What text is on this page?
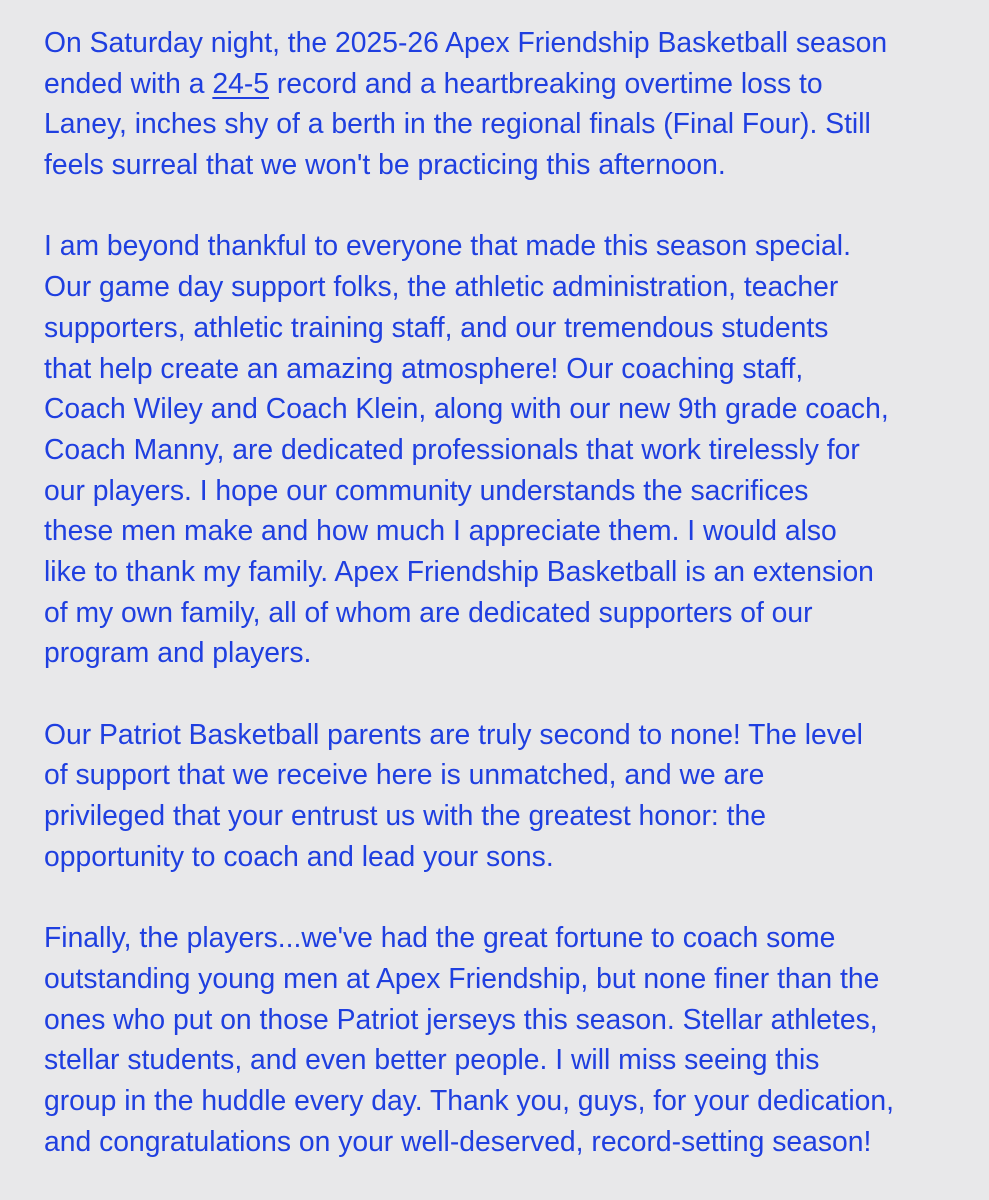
On Saturday night, the 2025-26 Apex Friendship Basketball season
ended with a 24-5 record and a heartbreaking overtime loss to
Laney, inches shy of a berth in the regional finals (Final Four). Still
feels surreal that we won't be practicing this afternoon.
I am beyond thankful to everyone that made this season special.
Our game day support folks, the athletic administration, teacher
supporters, athletic training staff, and our tremendous students
that help create an amazing atmosphere! Our coaching staff,
Coach Wiley and Coach Klein, along with our new 9th grade coach,
Coach Manny, are dedicated professionals that work tirelessly for
our players. I hope our community understands the sacrifices
these men make and how much I appreciate them. I would also
like to thank my family. Apex Friendship Basketball is an extension
of my own family, all of whom are dedicated supporters of our
program and players.
Our Patriot Basketball parents are truly second to none! The level
of support that we receive here is unmatched, and we are
privileged that your entrust us with the greatest honor: the
opportunity to coach and lead your sons.
Finally, the players...we've had the great fortune to coach some
outstanding young men at Apex Friendship, but none finer than the
ones who put on those Patriot jerseys this season. Stellar athletes,
stellar students, and even better people. I will miss seeing this
group in the huddle every day. Thank you, guys, for your dedication,
and congratulations on your well-deserved, record-setting season!
